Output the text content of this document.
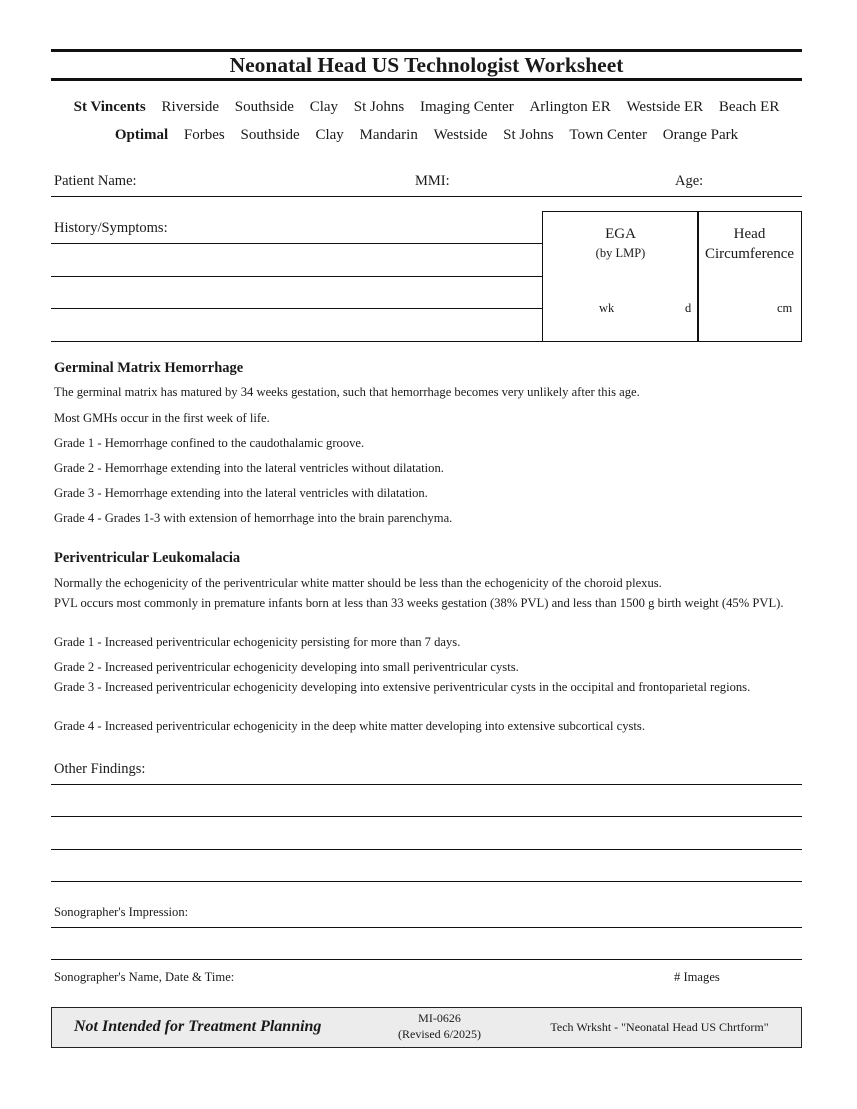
Neonatal Head US Technologist Worksheet
St Vincents Riverside Southside Clay St Johns Imaging Center Arlington ER Westside ER Beach ER
Optimal Forbes Southside Clay Mandarin Westside St Johns Town Center Orange Park
Patient Name:	MMI:	Age:
History/Symptoms:	EGA
(by LMP)
wk	d
Head
Circumference
cm
Germinal Matrix Hemorrhage
The germinal matrix has matured by 34 weeks gestation, such that hemorrhage becomes very unlikely after this age.
Most GMHs occur in the first week of life.
Grade 1 - Hemorrhage confined to the caudothalamic groove.
Grade 2 - Hemorrhage extending into the lateral ventricles without dilatation.
Grade 3 - Hemorrhage extending into the lateral ventricles with dilatation.
Grade 4 - Grades 1-3 with extension of hemorrhage into the brain parenchyma.
Periventricular Leukomalacia
Normally the echogenicity of the periventricular white matter should be less than the echogenicity of the choroid plexus.
PVL occurs most commonly in premature infants born at less than 33 weeks gestation (38% PVL) and less than 1500 g birth weight (45% PVL).
Grade 1 - Increased periventricular echogenicity persisting for more than 7 days.
Grade 2 - Increased periventricular echogenicity developing into small periventricular cysts.
Grade 3 - Increased periventricular echogenicity developing into extensive periventricular cysts in the occipital and frontoparietal regions.
Grade 4 - Increased periventricular echogenicity in the deep white matter developing into extensive subcortical cysts.
Other Findings:
Sonographer's Impression:
Sonographer's Name, Date & Time:	# Images
Not Intended for Treatment Planning	MI-0626
(Revised 6/2025)	Tech Wrksht - "Neonatal Head US Chrtform"
